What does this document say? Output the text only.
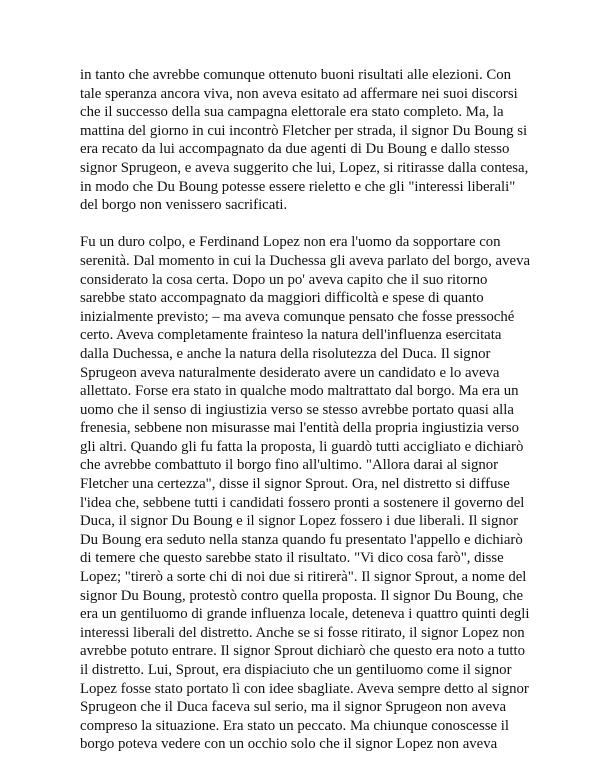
in tanto che avrebbe comunque ottenuto buoni risultati alle elezioni. Con
tale speranza ancora viva, non aveva esitato ad affermare nei suoi discorsi
che il successo della sua campagna elettorale era stato completo. Ma, la
mattina del giorno in cui incontrò Fletcher per strada, il signor Du Boung si
era recato da lui accompagnato da due agenti di Du Boung e dallo stesso
signor Sprugeon, e aveva suggerito che lui, Lopez, si ritirasse dalla contesa,
in modo che Du Boung potesse essere rieletto e che gli "interessi liberali"
del borgo non venissero sacrificati.
Fu un duro colpo, e Ferdinand Lopez non era l'uomo da sopportare con
serenità. Dal momento in cui la Duchessa gli aveva parlato del borgo, aveva
considerato la cosa certa. Dopo un po' aveva capito che il suo ritorno
sarebbe stato accompagnato da maggiori difficoltà e spese di quanto
inizialmente previsto; – ma aveva comunque pensato che fosse pressoché
certo. Aveva completamente frainteso la natura dell'influenza esercitata
dalla Duchessa, e anche la natura della risolutezza del Duca. Il signor
Sprugeon aveva naturalmente desiderato avere un candidato e lo aveva
allettato. Forse era stato in qualche modo maltrattato dal borgo. Ma era un
uomo che il senso di ingiustizia verso se stesso avrebbe portato quasi alla
frenesia, sebbene non misurasse mai l'entità della propria ingiustizia verso
gli altri. Quando gli fu fatta la proposta, li guardò tutti accigliato e dichiarò
che avrebbe combattuto il borgo fino all'ultimo. "Allora darai al signor
Fletcher una certezza", disse il signor Sprout. Ora, nel distretto si diffuse
l'idea che, sebbene tutti i candidati fossero pronti a sostenere il governo del
Duca, il signor Du Boung e il signor Lopez fossero i due liberali. Il signor
Du Boung era seduto nella stanza quando fu presentato l'appello e dichiarò
di temere che questo sarebbe stato il risultato. "Vi dico cosa farò", disse
Lopez; "tirerò a sorte chi di noi due si ritirerà". Il signor Sprout, a nome del
signor Du Boung, protestò contro quella proposta. Il signor Du Boung, che
era un gentiluomo di grande influenza locale, deteneva i quattro quinti degli
interessi liberali del distretto. Anche se si fosse ritirato, il signor Lopez non
avrebbe potuto entrare. Il signor Sprout dichiarò che questo era noto a tutto
il distretto. Lui, Sprout, era dispiaciuto che un gentiluomo come il signor
Lopez fosse stato portato lì con idee sbagliate. Aveva sempre detto al signor
Sprugeon che il Duca faceva sul serio, ma il signor Sprugeon non aveva
compreso la situazione. Era stato un peccato. Ma chiunque conoscesse il
borgo poteva vedere con un occhio solo che il signor Lopez non aveva
